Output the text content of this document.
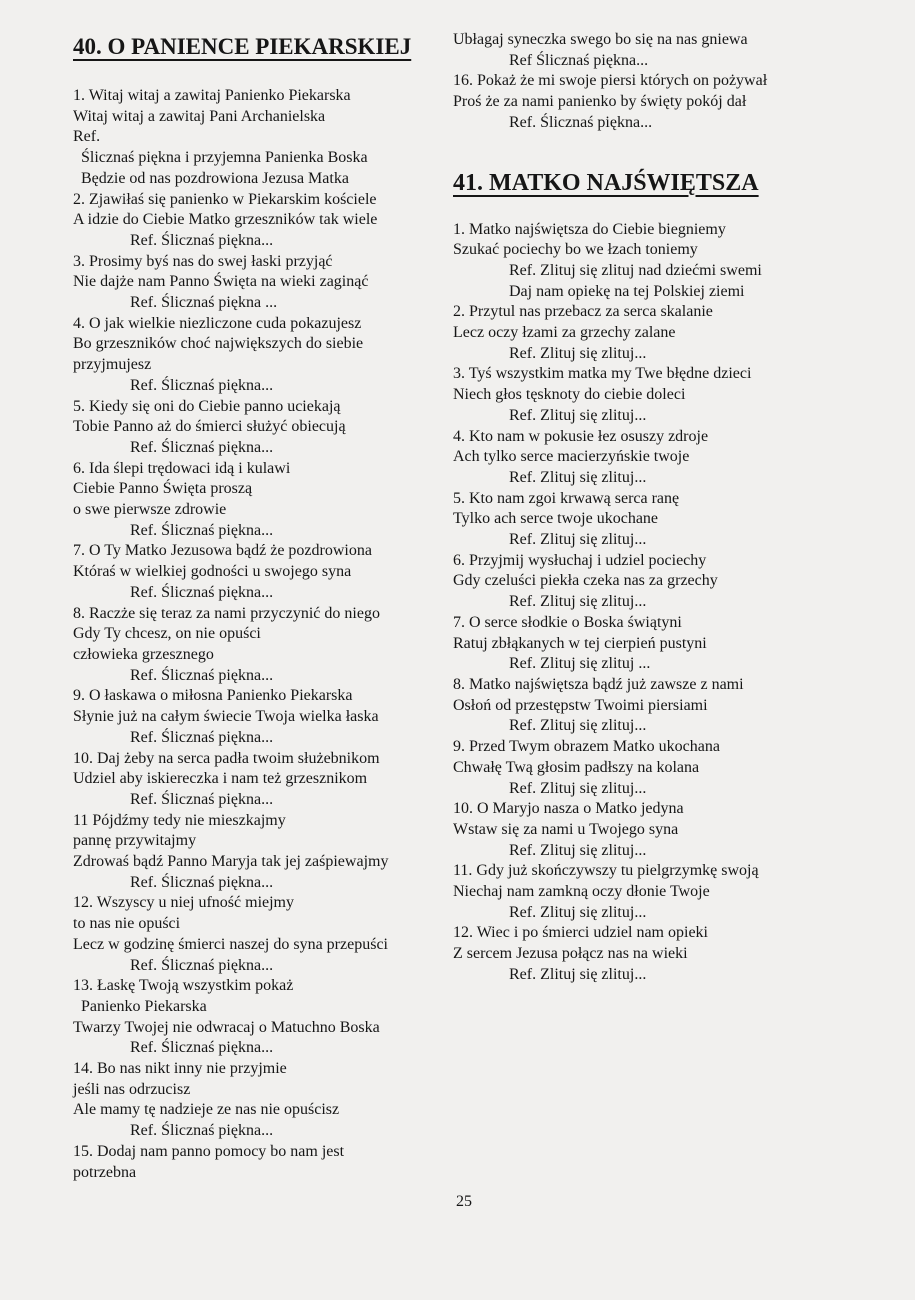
40. O PANIENCE PIEKARSKIEJ
1. Witaj witaj a zawitaj Panienko Piekarska
Witaj witaj a zawitaj Pani Archanielska
Ref.
Ślicznaś piękna i przyjemna Panienka Boska
Będzie od nas pozdrowiona Jezusa Matka
2. Zjawiłaś się panienko w Piekarskim kościele
A idzie do Ciebie Matko grzeszników tak wiele
Ref. Ślicznaś piękna...
3. Prosimy byś nas do swej łaski przyjąć
Nie dajże nam Panno Święta na wieki zaginąć
Ref. Ślicznaś piękna ...
4. O jak wielkie niezliczone cuda pokazujesz
Bo grzeszników choć największych do siebie
przyjmujesz
Ref. Ślicznaś piękna...
5. Kiedy się oni do Ciebie panno uciekają
Tobie Panno aż do śmierci służyć obiecują
Ref. Ślicznaś piękna...
6. Ida ślepi trędowaci idą i kulawi
Ciebie Panno Święta proszą
o swe pierwsze zdrowie
Ref. Ślicznaś piękna...
7. O Ty Matko Jezusowa bądź że pozdrowiona
Któraś w wielkiej godności u swojego syna
Ref. Ślicznaś piękna...
8. Raczże się teraz za nami przyczynić do niego
Gdy Ty chcesz, on nie opuści
człowieka grzesznego
Ref. Ślicznaś piękna...
9. O łaskawa o miłosna Panienko Piekarska
Słynie już na całym świecie Twoja wielka łaska
Ref. Ślicznaś piękna...
10. Daj żeby na serca padła twoim służebnikom
Udziel aby iskiereczka i nam też grzesznikom
Ref. Ślicznaś piękna...
11 Pójdźmy tedy nie mieszkajmy
pannę przywitajmy
Zdrowaś bądź Panno Maryja tak jej zaśpiewajmy
Ref. Ślicznaś piękna...
12. Wszyscy u niej ufność miejmy
to nas nie opuści
Lecz w godzinę śmierci naszej do syna przepuści
Ref. Ślicznaś piękna...
13. Łaskę Twoją wszystkim pokaż
Panienko Piekarska
Twarzy Twojej nie odwracaj o Matuchno Boska
Ref. Ślicznaś piękna...
14. Bo nas nikt inny nie przyjmie
jeśli nas odrzucisz
Ale mamy tę nadzieje ze nas nie opuścisz
Ref. Ślicznaś piękna...
15. Dodaj nam panno pomocy bo nam jest
potrzebna
Ubłagaj syneczka swego bo się na nas gniewa
Ref Ślicznaś piękna...
16. Pokaż że mi swoje piersi których on pożywał
Proś że za nami panienko by święty pokój dał
Ref. Ślicznaś piękna...
41. MATKO NAJŚWIĘTSZA
1. Matko najświętsza do Ciebie biegniemy
Szukać pociechy bo we łzach toniemy
Ref. Zlituj się zlituj nad dziećmi swemi
Daj nam opiekę na tej Polskiej ziemi
2. Przytul nas przebacz za serca skalanie
Lecz oczy łzami za grzechy zalane
Ref. Zlituj się zlituj...
3. Tyś wszystkim matka my Twe błędne dzieci
Niech głos tęsknoty do ciebie doleci
Ref. Zlituj się zlituj...
4. Kto nam w pokusie łez osuszy zdroje
Ach tylko serce macierzyńskie twoje
Ref. Zlituj się zlituj...
5. Kto nam zgoi krwawą serca ranę
Tylko ach serce twoje ukochane
Ref. Zlituj się zlituj...
6. Przyjmij wysłuchaj i udziel pociechy
Gdy czeluści piekła czeka nas za grzechy
Ref. Zlituj się zlituj...
7. O serce słodkie o Boska świątyni
Ratuj zbłąkanych w tej cierpień pustyni
Ref. Zlituj się zlituj ...
8. Matko najświętsza bądź już zawsze z nami
Osłoń od przestępstw Twoimi piersiami
Ref. Zlituj się zlituj...
9. Przed Twym obrazem Matko ukochana
Chwałę Twą głosim padłszy na kolana
Ref. Zlituj się zlituj...
10. O Maryjo nasza o Matko jedyna
Wstaw się za nami u Twojego syna
Ref. Zlituj się zlituj...
11. Gdy już skończywszy tu pielgrzymkę swoją
Niechaj nam zamkną oczy dłonie Twoje
Ref. Zlituj się zlituj...
12. Wiec i po śmierci udziel nam opieki
Z sercem Jezusa połącz nas na wieki
Ref. Zlituj się zlituj...
25
